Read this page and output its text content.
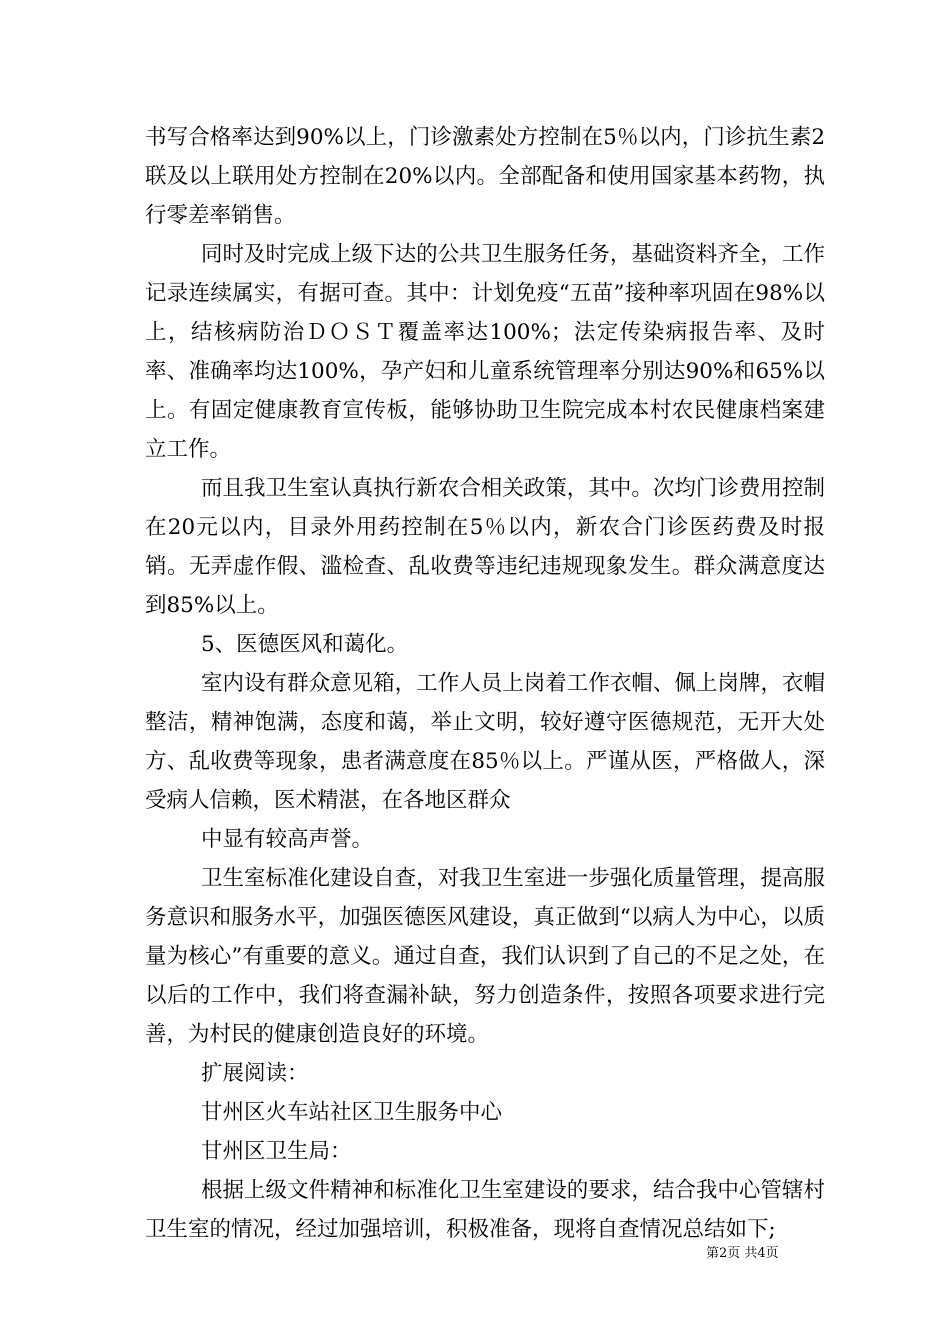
书写合格率达到90%以上，门诊激素处方控制在5％以内，门诊抗生素2联及以上联用处方控制在20%以内。全部配备和使用国家基本药物，执行零差率销售。

同时及时完成上级下达的公共卫生服务任务，基础资料齐全，工作记录连续属实，有据可查。其中：计划免疫“五苗”接种率巩固在98%以上，结核病防治ＤＯＳＴ覆盖率达100%；法定传染病报告率、及时率、准确率均达100%，孕产妇和儿童系统管理率分别达90%和65%以上。有固定健康教育宣传板，能够协助卫生院完成本村农民健康档案建立工作。

而且我卫生室认真执行新农合相关政策，其中。次均门诊费用控制在20元以内，目录外用药控制在5％以内，新农合门诊医药费及时报销。无弄虚作假、滥检查、乱收费等违纪违规现象发生。群众满意度达到85%以上。

5、医德医风和蔼化。

室内设有群众意见箱，工作人员上岗着工作衣帽、佩上岗牌，衣帽整洁，精神饱满，态度和蔼，举止文明，较好遵守医德规范，无开大处方、乱收费等现象，患者满意度在85％以上。严谨从医，严格做人，深受病人信赖，医术精湛，在各地区群众

中显有较高声誉。

卫生室标准化建设自查，对我卫生室进一步强化质量管理，提高服务意识和服务水平，加强医德医风建设，真正做到“以病人为中心，以质量为核心”有重要的意义。通过自查，我们认识到了自己的不足之处，在以后的工作中，我们将查漏补缺，努力创造条件，按照各项要求进行完善，为村民的健康创造良好的环境。

扩展阅读：

甘州区火车站社区卫生服务中心

甘州区卫生局：

根据上级文件精神和标准化卫生室建设的要求，结合我中心管辖村卫生室的情况，经过加强培训，积极准备，现将自查情况总结如下;

第2页 共4页
